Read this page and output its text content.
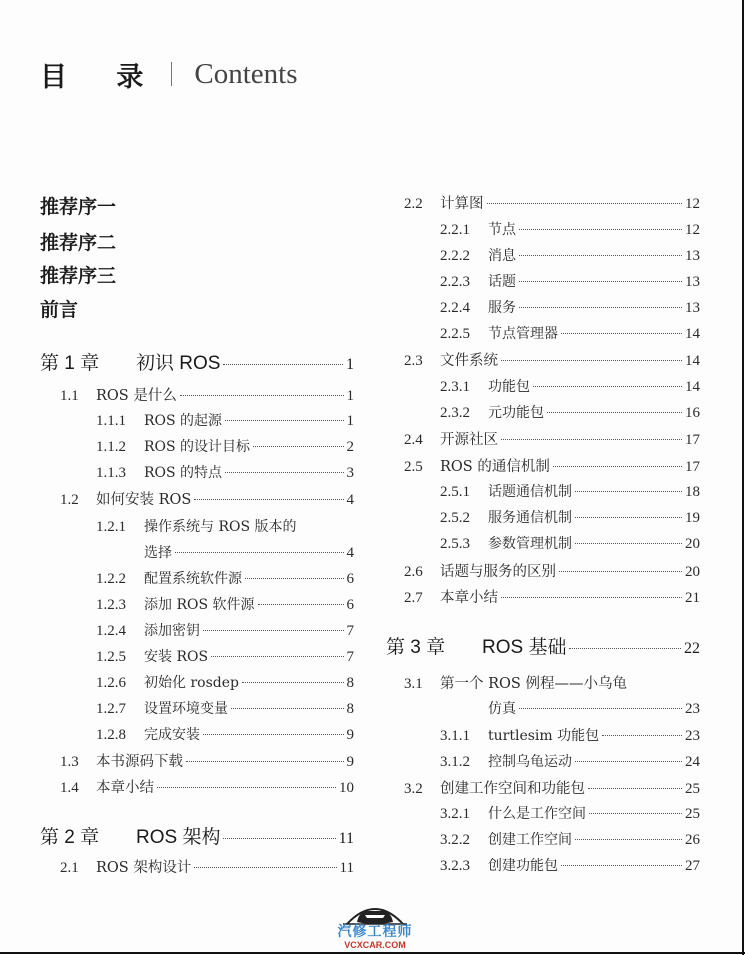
目 录 Contents
推荐序一
推荐序二
推荐序三
前言
第 1 章	初识 ROS	1
1.1	ROS 是什么	1
1.1.1	ROS 的起源	1
1.1.2	ROS 的设计目标	2
1.1.3	ROS 的特点	3
1.2	如何安装 ROS	4
1.2.1	操作系统与 ROS 版本的
选择	4
1.2.2	配置系统软件源	6
1.2.3	添加 ROS 软件源	6
1.2.4	添加密钥	7
1.2.5	安装 ROS	7
1.2.6	初始化 rosdep	8
1.2.7	设置环境变量	8
1.2.8	完成安装	9
1.3	本书源码下载	9
1.4	本章小结	10
第 2 章	ROS 架构	11
2.1	ROS 架构设计	11
2.2	计算图	12
2.2.1	节点	12
2.2.2	消息	13
2.2.3	话题	13
2.2.4	服务	13
2.2.5	节点管理器	14
2.3	文件系统	14
2.3.1	功能包	14
2.3.2	元功能包	16
2.4	开源社区	17
2.5	ROS 的通信机制	17
2.5.1	话题通信机制	18
2.5.2	服务通信机制	19
2.5.3	参数管理机制	20
2.6	话题与服务的区别	20
2.7	本章小结	21
第 3 章	ROS 基础	22
3.1	第一个 ROS 例程——小乌龟
仿真	23
3.1.1	turtlesim 功能包	23
3.1.2	控制乌龟运动	24
3.2	创建工作空间和功能包	25
3.2.1	什么是工作空间	25
3.2.2	创建工作空间	26
3.2.3	创建功能包	27
汽修工程师
VCXCAR.COM
